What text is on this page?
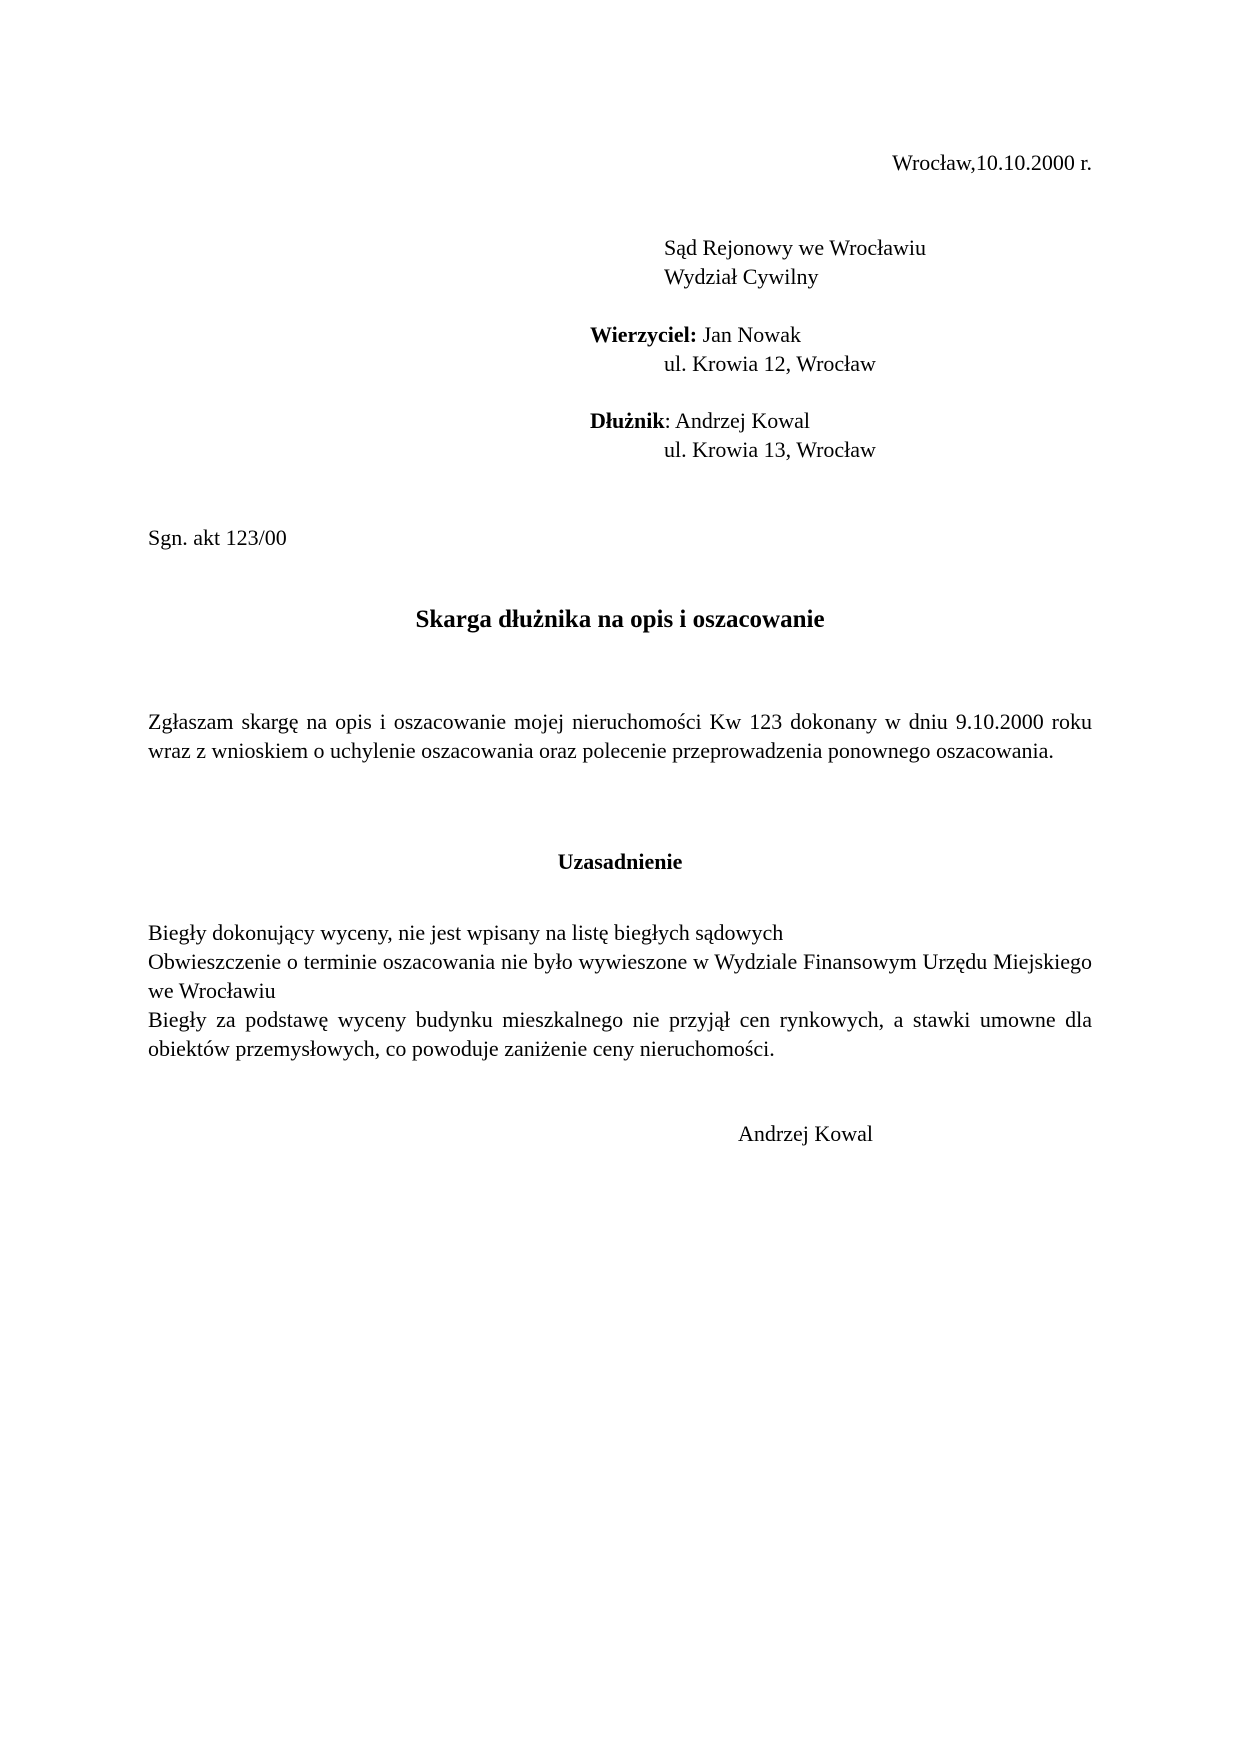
Wrocław,10.10.2000 r.
Sąd Rejonowy we Wrocławiu
Wydział Cywilny
Wierzyciel: Jan Nowak
ul. Krowia 12, Wrocław
Dłużnik: Andrzej Kowal
ul. Krowia 13, Wrocław
Sgn. akt 123/00
Skarga dłużnika na opis i oszacowanie
Zgłaszam skargę na opis i oszacowanie mojej nieruchomości Kw 123 dokonany w dniu 9.10.2000 roku wraz z wnioskiem o uchylenie oszacowania oraz polecenie przeprowadzenia ponownego oszacowania.
Uzasadnienie

Biegły dokonujący wyceny, nie jest wpisany na listę biegłych sądowych

Obwieszczenie o terminie oszacowania nie było wywieszone w Wydziale Finansowym Urzędu Miejskiego we Wrocławiu

Biegły za podstawę wyceny budynku mieszkalnego nie przyjął cen rynkowych, a stawki umowne dla obiektów przemysłowych, co powoduje zaniżenie ceny nieruchomości.

Andrzej Kowal
